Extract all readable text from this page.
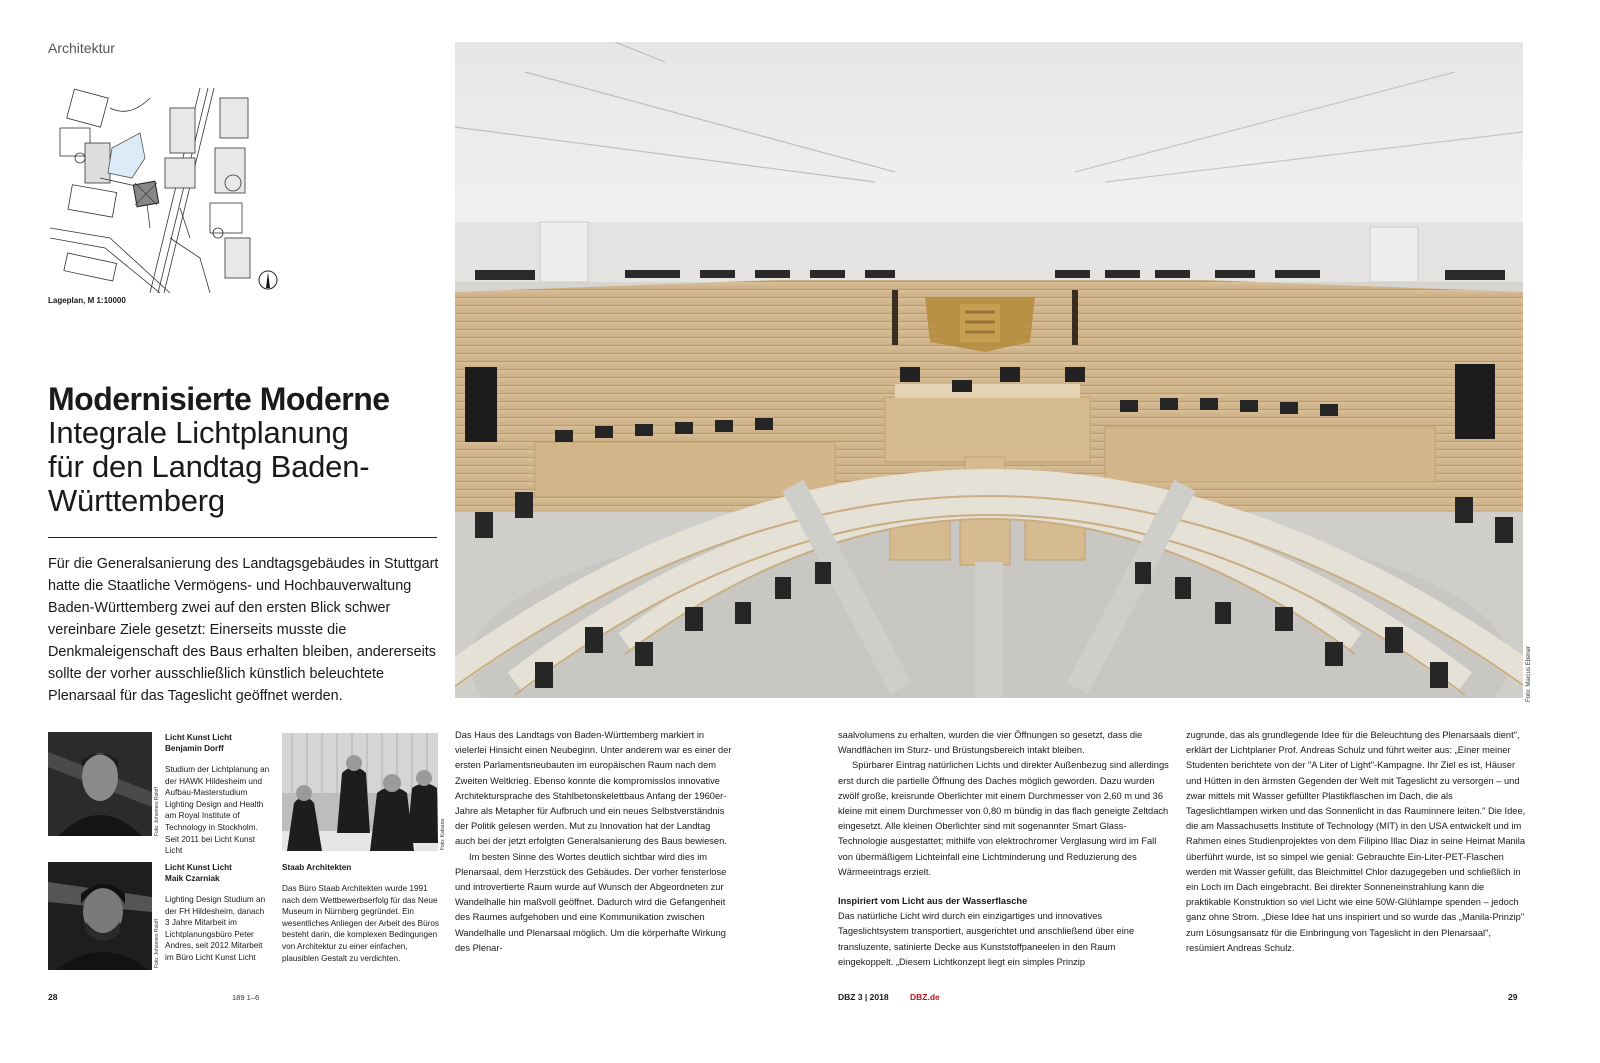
Architektur
Lageplan, M 1:10000
Modernisierte Moderne
Integrale Lichtplanung
für den Landtag Baden-
Württemberg
Für die Generalsanierung des Landtagsgebäudes in Stuttgart hatte die Staatliche Vermögens- und Hochbauverwaltung Baden-Württemberg zwei auf den ersten Blick schwer vereinbare Ziele gesetzt: Einerseits musste die Denkmaleigenschaft des Baus erhalten bleiben, andererseits sollte der vorher ausschließlich künstlich beleuchtete Plenarsaal für das Tageslicht geöffnet werden.	Foto: Marcus Ebener
Foto: Johannes Roloff
Licht Kunst Licht
Benjamin Dorff
Studium der Lichtplanung an der HAWK Hildesheim und Aufbau-Masterstudium Lighting Design and Health am Royal Institute of Technology in Stockholm. Seit 2011 bei Licht Kunst Licht
Foto: Johannes Roloff
Licht Kunst Licht
Maik Czarniak
Lighting Design Studium an der FH Hildesheim, danach 3 Jahre Mitarbeit im Lichtplanungsbüro Peter Andres, seit 2012 Mitarbeit im Büro Licht Kunst Licht
Foto: Katsana
Staab Architekten
Das Büro Staab Architekten wurde 1991 nach dem Wettbewerbserfolg für das Neue Museum in Nürnberg gegründet. Ein wesentliches Anliegen der Arbeit des Büros besteht darin, die komplexen Bedingungen von Architektur zu einer einfachen, plausiblen Gestalt zu verdichten.

Das Haus des Landtags von Baden-Württemberg markiert in vielerlei Hinsicht einen Neubeginn. Unter anderem war es einer der ersten Parlamentsneubauten im europäischen Raum nach dem Zweiten Weltkrieg. Ebenso konnte die kompromisslos innovative Architektursprache des Stahlbetonskelettbaus Anfang der 1960er-Jahre als Metapher für Aufbruch und ein neues Selbstverständnis der Politik gelesen werden. Mut zu Innovation hat der Landtag auch bei der jetzt erfolgten Generalsanierung des Baus bewiesen.

Im besten Sinne des Wortes deutlich sichtbar wird dies im Plenarsaal, dem Herzstück des Gebäudes. Der vorher fensterlose und introvertierte Raum wurde auf Wunsch der Abgeordneten zur Wandelhalle hin maßvoll geöffnet. Dadurch wird die Gefangenheit des Raumes aufgehoben und eine Kommunikation zwischen Wandelhalle und Plenarsaal möglich. Um die körperhafte Wirkung des Plenar-

saalvolumens zu erhalten, wurden die vier Öffnungen so gesetzt, dass die Wandflächen im Sturz- und Brüstungsbereich intakt bleiben.

Spürbarer Eintrag natürlichen Lichts und direkter Außenbezug sind allerdings erst durch die partielle Öffnung des Daches möglich geworden. Dazu wurden zwölf große, kreisrunde Oberlichter mit einem Durchmesser von 2,60 m und 36 kleine mit einem Durchmesser von 0,80 m bündig in das flach geneigte Zeltdach eingesetzt. Alle kleinen Oberlichter sind mit sogenannter Smart Glass-Technologie ausgestattet; mithilfe von elektrochromer Verglasung wird im Fall von übermäßigem Lichteinfall eine Lichtminderung und Reduzierung des Wärmeeintrags erzielt.

Inspiriert vom Licht aus der Wasserflasche

Das natürliche Licht wird durch ein einzigartiges und innovatives Tageslichtsystem transportiert, ausgerichtet und anschließend über eine transluzente, satinierte Decke aus Kunststoffpaneelen in den Raum eingekoppelt. „Diesem Lichtkonzept liegt ein simples Prinzip

zugrunde, das als grundlegende Idee für die Beleuchtung des Plenarsaals dient", erklärt der Lichtplaner Prof. Andreas Schulz und führt weiter aus: „Einer meiner Studenten berichtete von der "A Liter of Light"-Kampagne. Ihr Ziel es ist, Häuser und Hütten in den ärmsten Gegenden der Welt mit Tageslicht zu versorgen – und zwar mittels mit Wasser gefüllter Plastikflaschen im Dach, die als Tageslichtlampen wirken und das Sonnenlicht in das Rauminnere leiten." Die Idee, die am Massachusetts Institute of Technology (MIT) in den USA entwickelt und im Rahmen eines Studienprojektes von dem Filipino Illac Diaz in seine Heimat Manila überführt wurde, ist so simpel wie genial: Gebrauchte Ein-Liter-PET-Flaschen werden mit Wasser gefüllt, das Bleichmittel Chlor dazugegeben und schließlich in ein Loch im Dach eingebracht. Bei direkter Sonneneinstrahlung kann die praktikable Konstruktion so viel Licht wie eine 50W-Glühlampe spenden – jedoch ganz ohne Strom. „Diese Idee hat uns inspiriert und so wurde das „Manila-Prinzip" zum Lösungsansatz für die Einbringung von Tageslicht in den Plenarsaal", resümiert Andreas Schulz.

28	189 1–6	DBZ 3 | 2018	DBZ.de	29
